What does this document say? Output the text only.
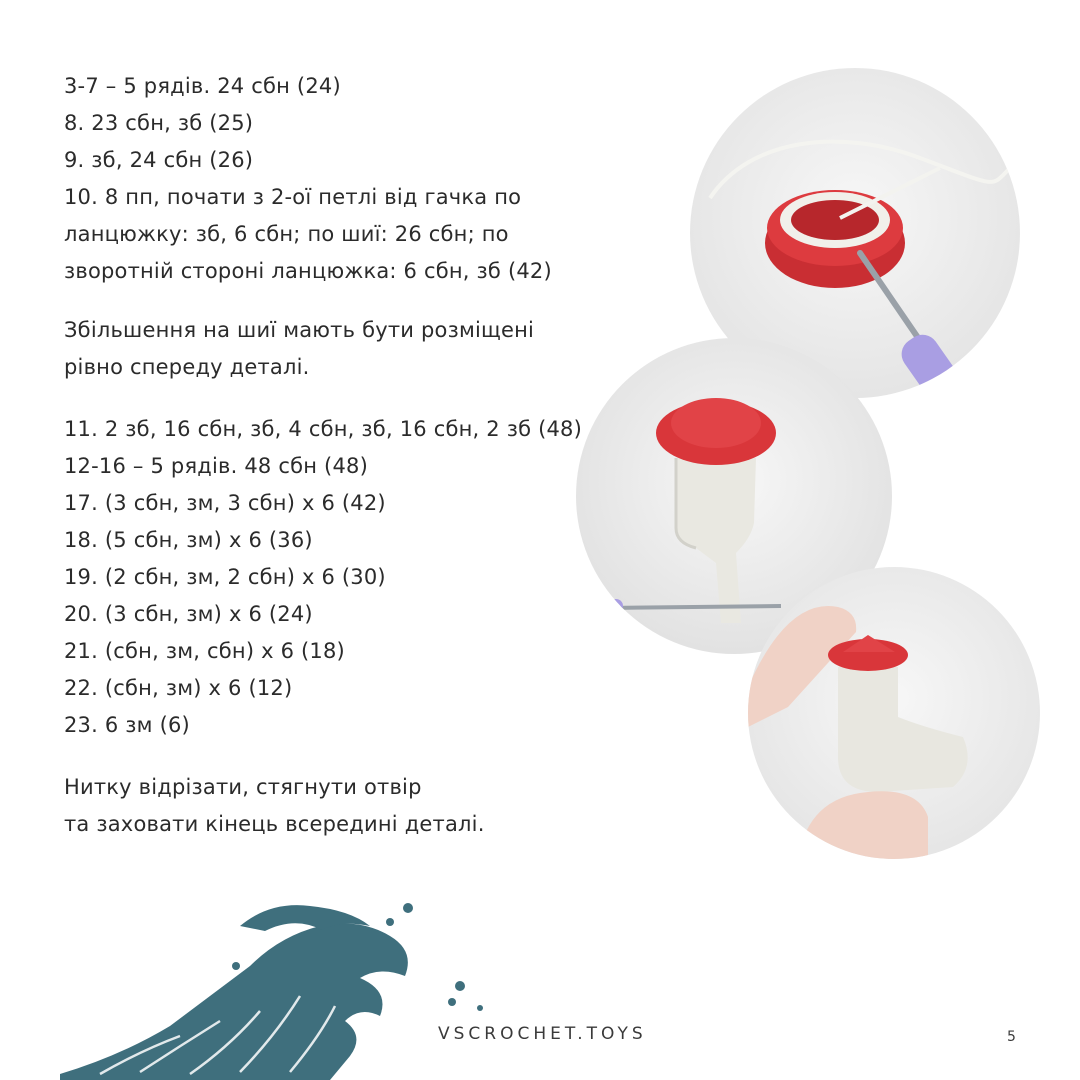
3-7 – 5 рядів. 24 сбн (24)
8. 23 сбн, зб (25)
9. зб, 24 сбн (26)
10. 8 пп, почати з 2-ої петлі від гачка по
ланцюжку: зб, 6 сбн; по шиї: 26 сбн; по
зворотній стороні ланцюжка: 6 сбн, зб (42)
Збільшення на шиї мають бути розміщені
рівно спереду деталі.
11. 2 зб, 16 сбн, зб, 4 сбн, зб, 16 сбн, 2 зб (48)
12-16 – 5 рядів. 48 сбн (48)
17. (3 сбн, зм, 3 сбн) х 6 (42)
18. (5 сбн, зм) х 6 (36)
19. (2 сбн, зм, 2 сбн) х 6 (30)
20. (3 сбн, зм) х 6 (24)
21. (сбн, зм, сбн) х 6 (18)
22. (сбн, зм) х 6 (12)
23. 6 зм (6)
Нитку відрізати, стягнути отвір
та заховати кінець всередині деталі.
VSCROCHET.TOYS	5
